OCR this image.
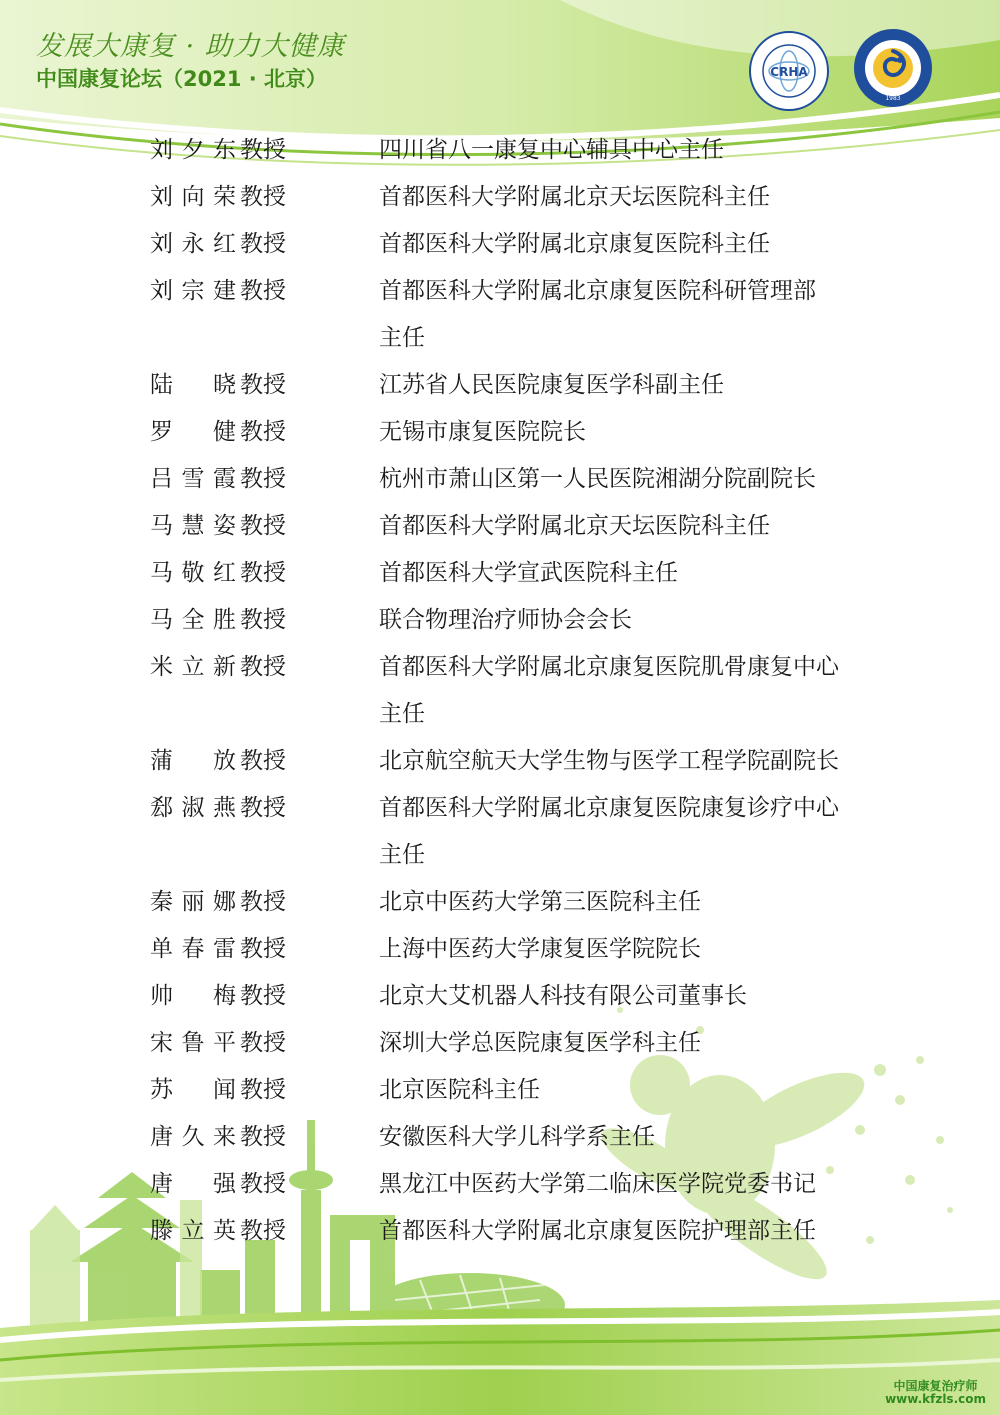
发展大康复 · 助力大健康
中国康复论坛（2021 · 北京）	CRHA
1983
刘夕东 教授	四川省八一康复中心辅具中心主任
刘向荣 教授	首都医科大学附属北京天坛医院科主任
刘永红 教授	首都医科大学附属北京康复医院科主任
刘宗建 教授	首都医科大学附属北京康复医院科研管理部
主任
陆晓 教授	江苏省人民医院康复医学科副主任
罗健 教授	无锡市康复医院院长
吕雪霞 教授	杭州市萧山区第一人民医院湘湖分院副院长
马慧姿 教授	首都医科大学附属北京天坛医院科主任
马敬红 教授	首都医科大学宣武医院科主任
马全胜 教授	联合物理治疗师协会会长
米立新 教授	首都医科大学附属北京康复医院肌骨康复中心
主任
蒲放 教授	北京航空航天大学生物与医学工程学院副院长
郄淑燕 教授	首都医科大学附属北京康复医院康复诊疗中心
主任
秦丽娜 教授	北京中医药大学第三医院科主任
单春雷 教授	上海中医药大学康复医学院院长
帅梅 教授	北京大艾机器人科技有限公司董事长
宋鲁平 教授	深圳大学总医院康复医学科主任
苏闻 教授	北京医院科主任
唐久来 教授	安徽医科大学儿科学系主任
唐强 教授	黑龙江中医药大学第二临床医学院党委书记
滕立英 教授	首都医科大学附属北京康复医院护理部主任
中国康复治疗师
www.kfzls.com
